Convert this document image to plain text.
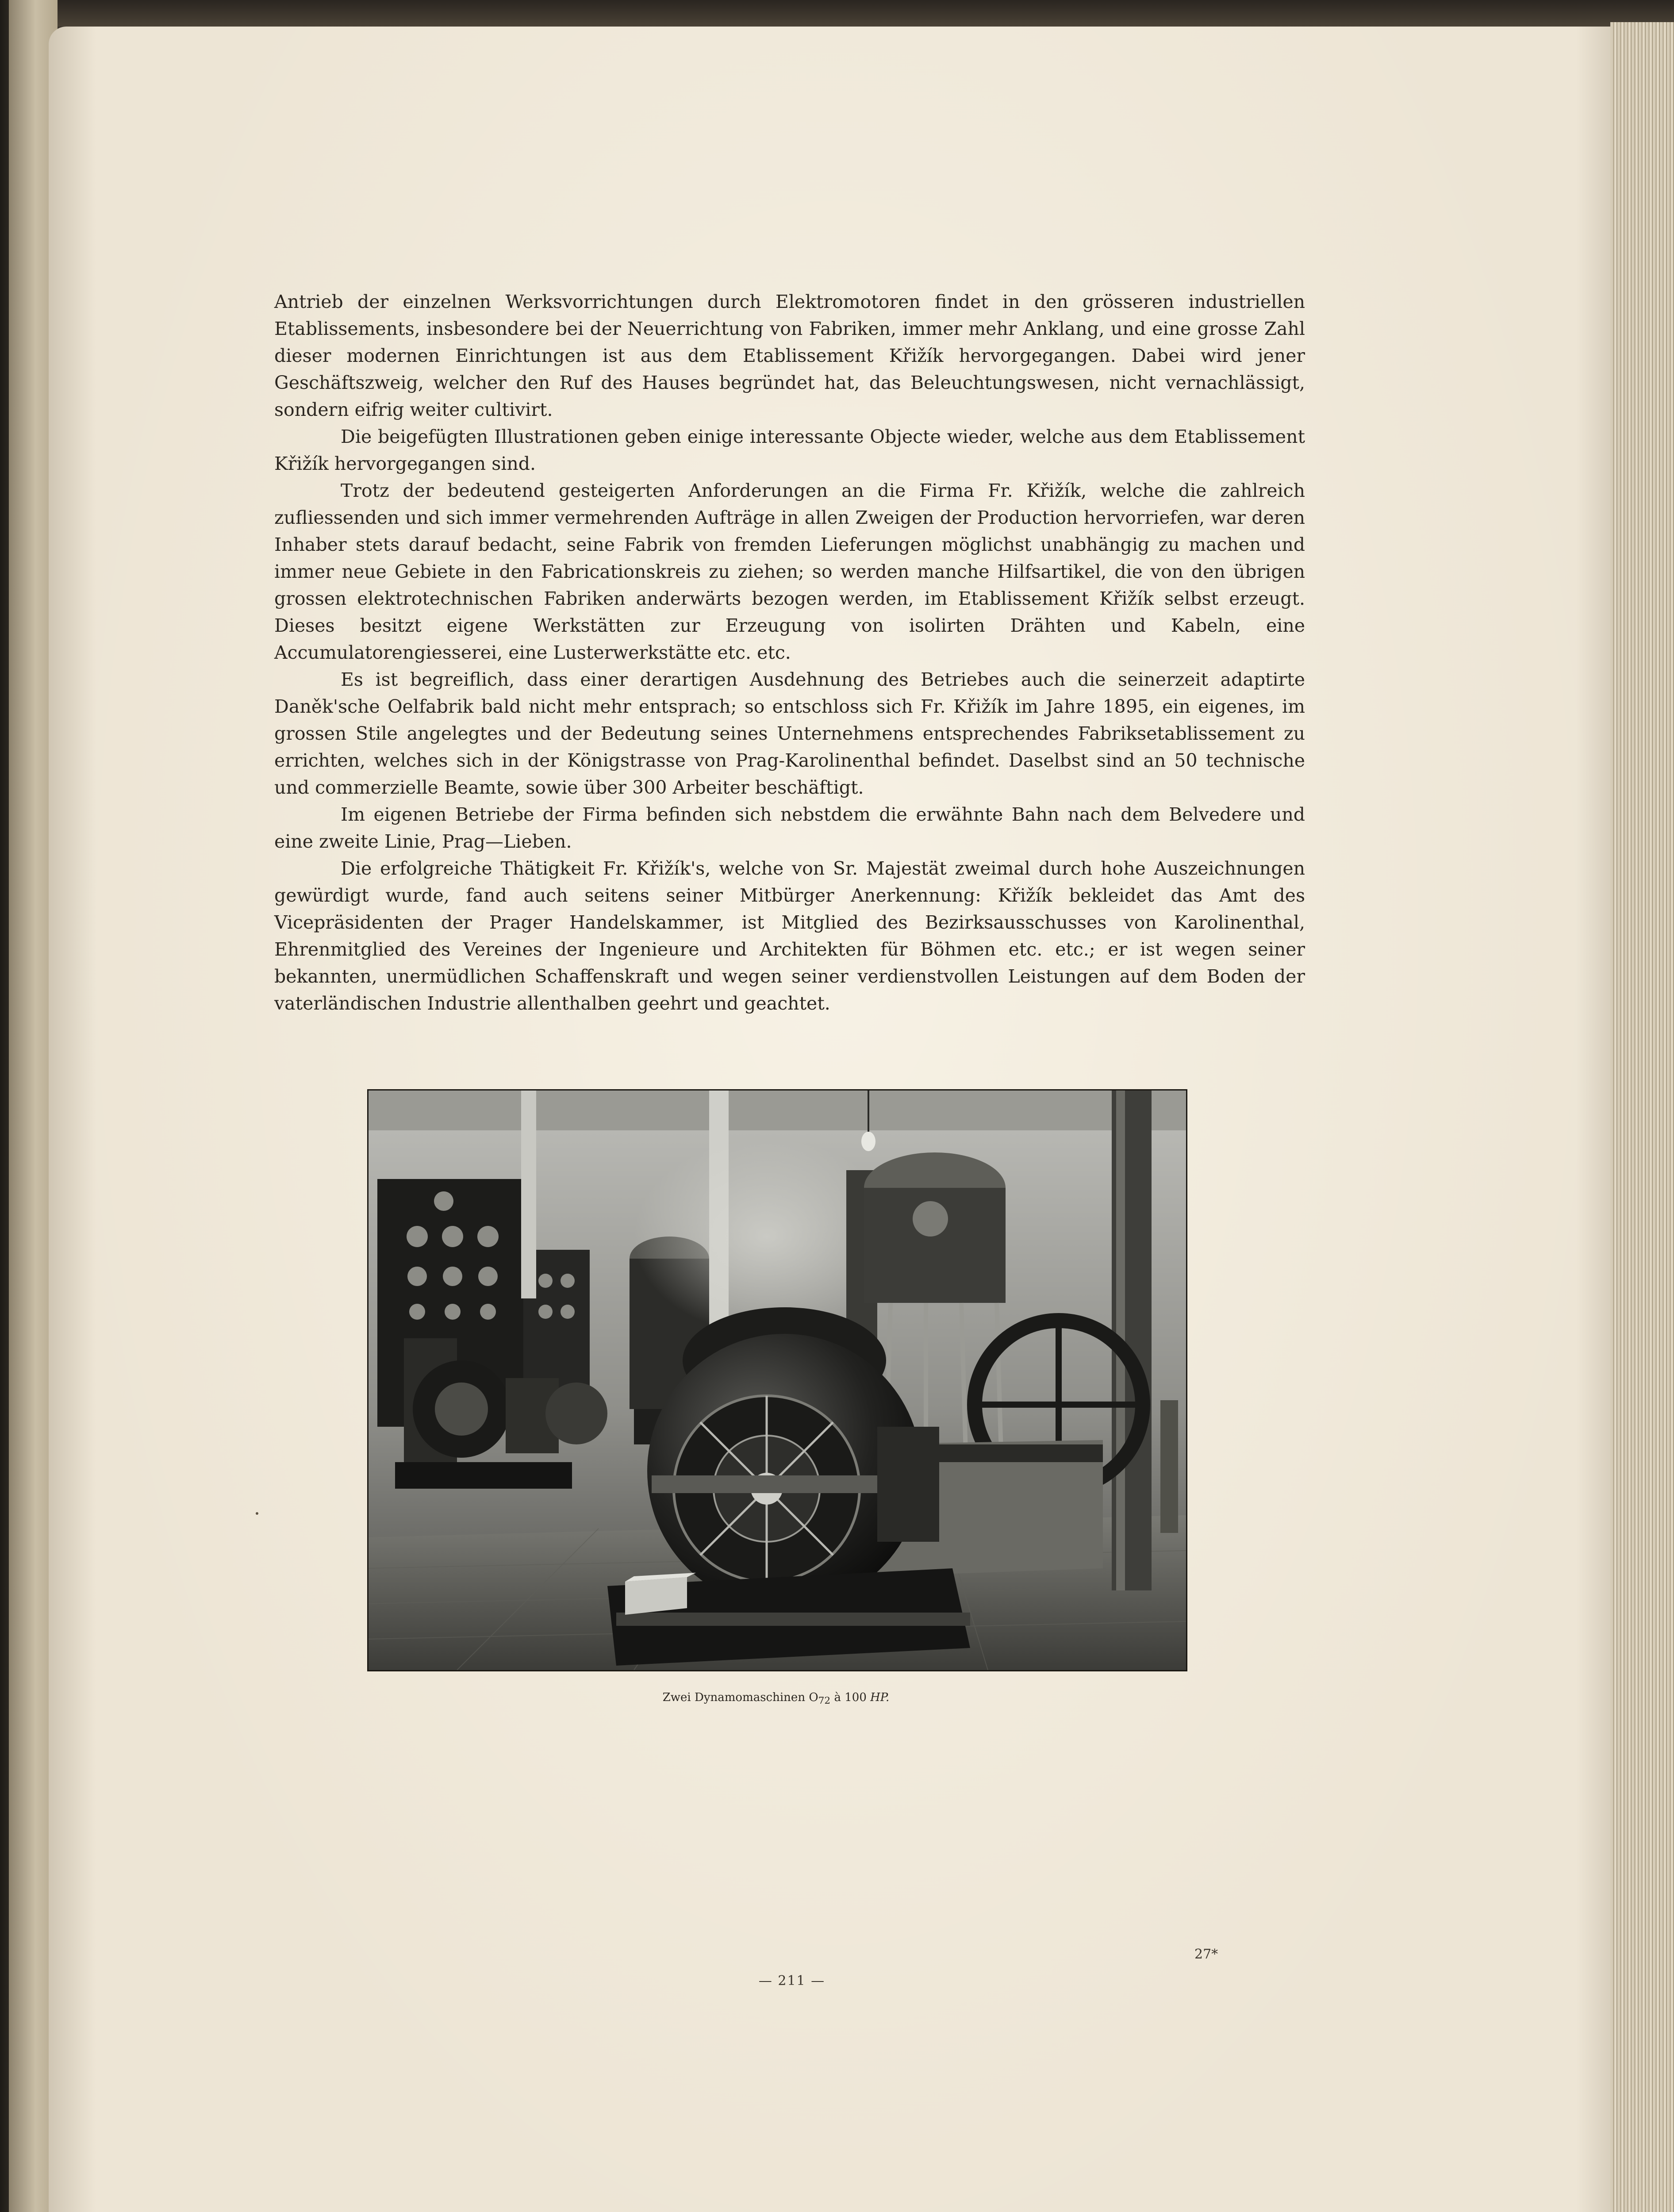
Antrieb der einzelnen Werksvorrichtungen durch Elektromotoren findet in den grösseren industriellen Etablissements, insbesondere bei der Neuerrichtung von Fabriken, immer mehr Anklang, und eine grosse Zahl dieser modernen Einrichtungen ist aus dem Etablissement Křižík hervorgegangen. Dabei wird jener Geschäftszweig, welcher den Ruf des Hauses begründet hat, das Beleuchtungswesen, nicht vernachlässigt, sondern eifrig weiter cultivirt.

Die beigefügten Illustrationen geben einige interessante Objecte wieder, welche aus dem Etablissement Křižík hervorgegangen sind.

Trotz der bedeutend gesteigerten Anforderungen an die Firma Fr. Křižík, welche die zahlreich zufliessenden und sich immer vermehrenden Aufträge in allen Zweigen der Production hervorriefen, war deren Inhaber stets darauf bedacht, seine Fabrik von fremden Lieferungen möglichst unabhängig zu machen und immer neue Gebiete in den Fabricationskreis zu ziehen; so werden manche Hilfsartikel, die von den übrigen grossen elektrotechnischen Fabriken anderwärts bezogen werden, im Etablissement Křižík selbst erzeugt. Dieses besitzt eigene Werkstätten zur Erzeugung von isolirten Drähten und Kabeln, eine Accumulatorengiesserei, eine Lusterwerkstätte etc. etc.

Es ist begreiflich, dass einer derartigen Ausdehnung des Betriebes auch die seinerzeit adaptirte Daněk'sche Oelfabrik bald nicht mehr entsprach; so entschloss sich Fr. Křižík im Jahre 1895, ein eigenes, im grossen Stile angelegtes und der Bedeutung seines Unternehmens entsprechendes Fabriksetablissement zu errichten, welches sich in der Königstrasse von Prag-Karolinenthal befindet. Daselbst sind an 50 technische und commerzielle Beamte, sowie über 300 Arbeiter beschäftigt.

Im eigenen Betriebe der Firma befinden sich nebstdem die erwähnte Bahn nach dem Belvedere und eine zweite Linie, Prag—Lieben.

Die erfolgreiche Thätigkeit Fr. Křižík's, welche von Sr. Majestät zweimal durch hohe Auszeichnungen gewürdigt wurde, fand auch seitens seiner Mitbürger Anerkennung: Křižík bekleidet das Amt des Vicepräsidenten der Prager Handelskammer, ist Mitglied des Bezirksausschusses von Karolinenthal, Ehrenmitglied des Vereines der Ingenieure und Architekten für Böhmen etc. etc.; er ist wegen seiner bekannten, unermüdlichen Schaffenskraft und wegen seiner verdienstvollen Leistungen auf dem Boden der vaterländischen Industrie allenthalben geehrt und geachtet.

Zwei Dynamomaschinen $O_{72}$ à 100 HP.
— 211 —
27*
